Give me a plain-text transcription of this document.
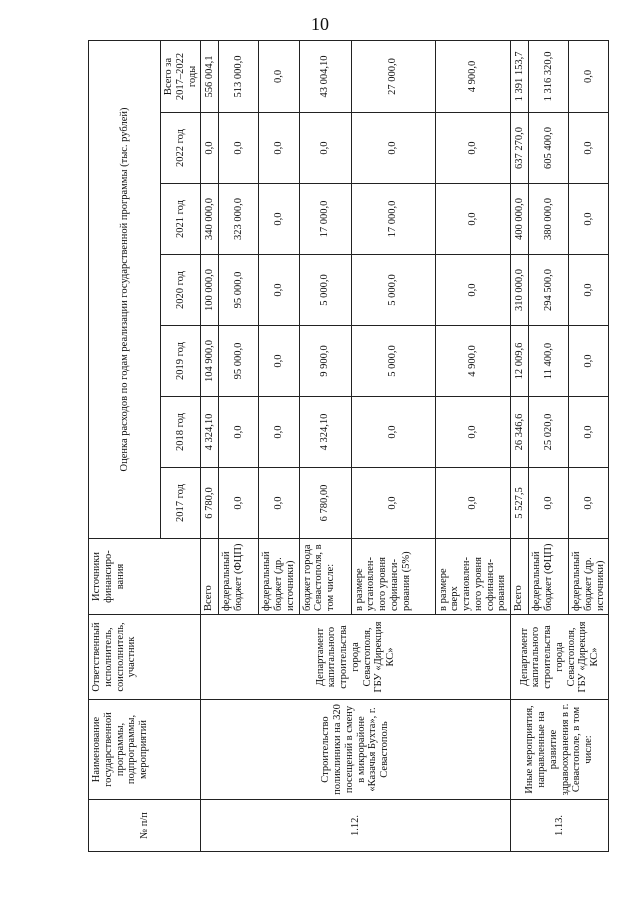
10
№ п/п	Наименование государственной программы, подпрограммы, мероприятий	Ответственный исполнитель, соисполнитель, участник	Источники финансиро- вания	Оценка расходов по годам реализации государственной программы (тыс. рублей)						
				2017 год	2018 год	2019 год	2020 год	2021 год	2022 год	Всего за 2017–2022 годы
1.12.	Строительство поликлиники на 320 посещений в смену в микрорайоне «Казачья Бухта», г. Севастополь	Департамент капитального строительства города Севастополя, ГБУ «Дирекция КС»	Всего	6 780,0	4 324,10	104 900,0	100 000,0	340 000,0	0,0	556 004,1
			федеральный бюджет (ФЦП)	0,0	0,0	95 000,0	95 000,0	323 000,0	0,0	513 000,0
			федеральный бюджет (др. источники)	0,0	0,0	0,0	0,0	0,0	0,0	0,0
			бюджет города Севастополя, в том числе:	6 780,00	4 324,10	9 900,0	5 000,0	17 000,0	0,0	43 004,10
			в размере установлен- ного уровня софинанси- рования (5%)	0,0	0,0	5 000,0	5 000,0	17 000,0	0,0	27 000,0
			в размере сверх установлен- ного уровня софинанси- рования	0,0	0,0	4 900,0	0,0	0,0	0,0	4 900,0
1.13.	Иные мероприятия, направленные на развитие здравоохранения в г. Севастополе, в том числе:	Департамент капитального строительства города Севастополя, ГБУ «Дирекция КС»	Всего	5 527,5	26 346,6	12 009,6	310 000,0	400 000,0	637 270,0	1 391 153,7
			федеральный бюджет (ФЦП)	0,0	25 020,0	11 400,0	294 500,0	380 000,0	605 400,0	1 316 320,0
			федеральный бюджет (др. источники)	0,0	0,0	0,0	0,0	0,0	0,0	0,0
